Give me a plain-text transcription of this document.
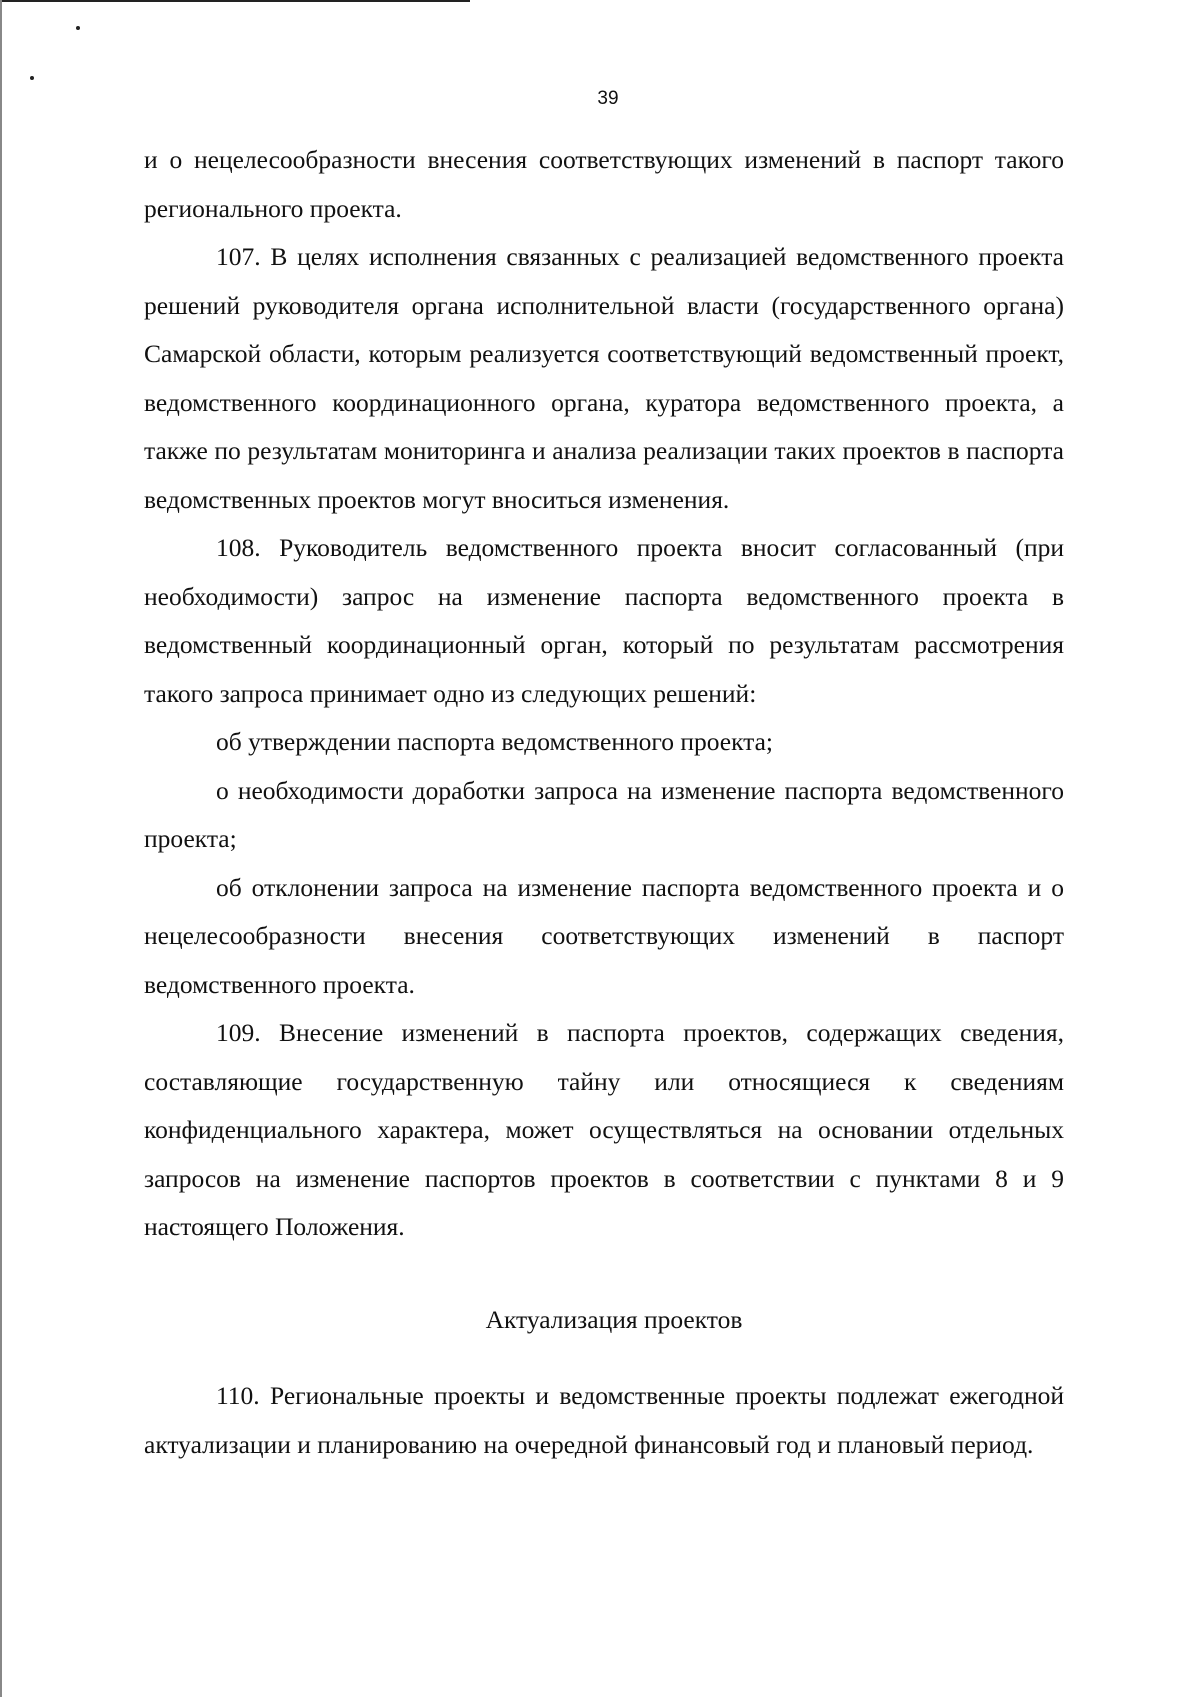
39

и о нецелесообразности внесения соответствующих изменений в паспорт такого регионального проекта.

107. В целях исполнения связанных с реализацией ведомственного проекта решений руководителя органа исполнительной власти (государственного органа) Самарской области, которым реализуется соответствующий ведомственный проект, ведомственного координационного органа, куратора ведомственного проекта, а также по результатам мониторинга и анализа реализации таких проектов в паспорта ведомственных проектов могут вноситься изменения.

108. Руководитель ведомственного проекта вносит согласованный (при необходимости) запрос на изменение паспорта ведомственного проекта в ведомственный координационный орган, который по результатам рассмотрения такого запроса принимает одно из следующих решений:

об утверждении паспорта ведомственного проекта;

о необходимости доработки запроса на изменение паспорта ведомственного проекта;

об отклонении запроса на изменение паспорта ведомственного проекта и о нецелесообразности внесения соответствующих изменений в паспорт ведомственного проекта.

109. Внесение изменений в паспорта проектов, содержащих сведения, составляющие государственную тайну или относящиеся к сведениям конфиденциального характера, может осуществляться на основании отдельных запросов на изменение паспортов проектов в соответствии с пунктами 8 и 9 настоящего Положения.

Актуализация проектов

110. Региональные проекты и ведомственные проекты подлежат ежегодной актуализации и планированию на очередной финансовый год и плановый период.
